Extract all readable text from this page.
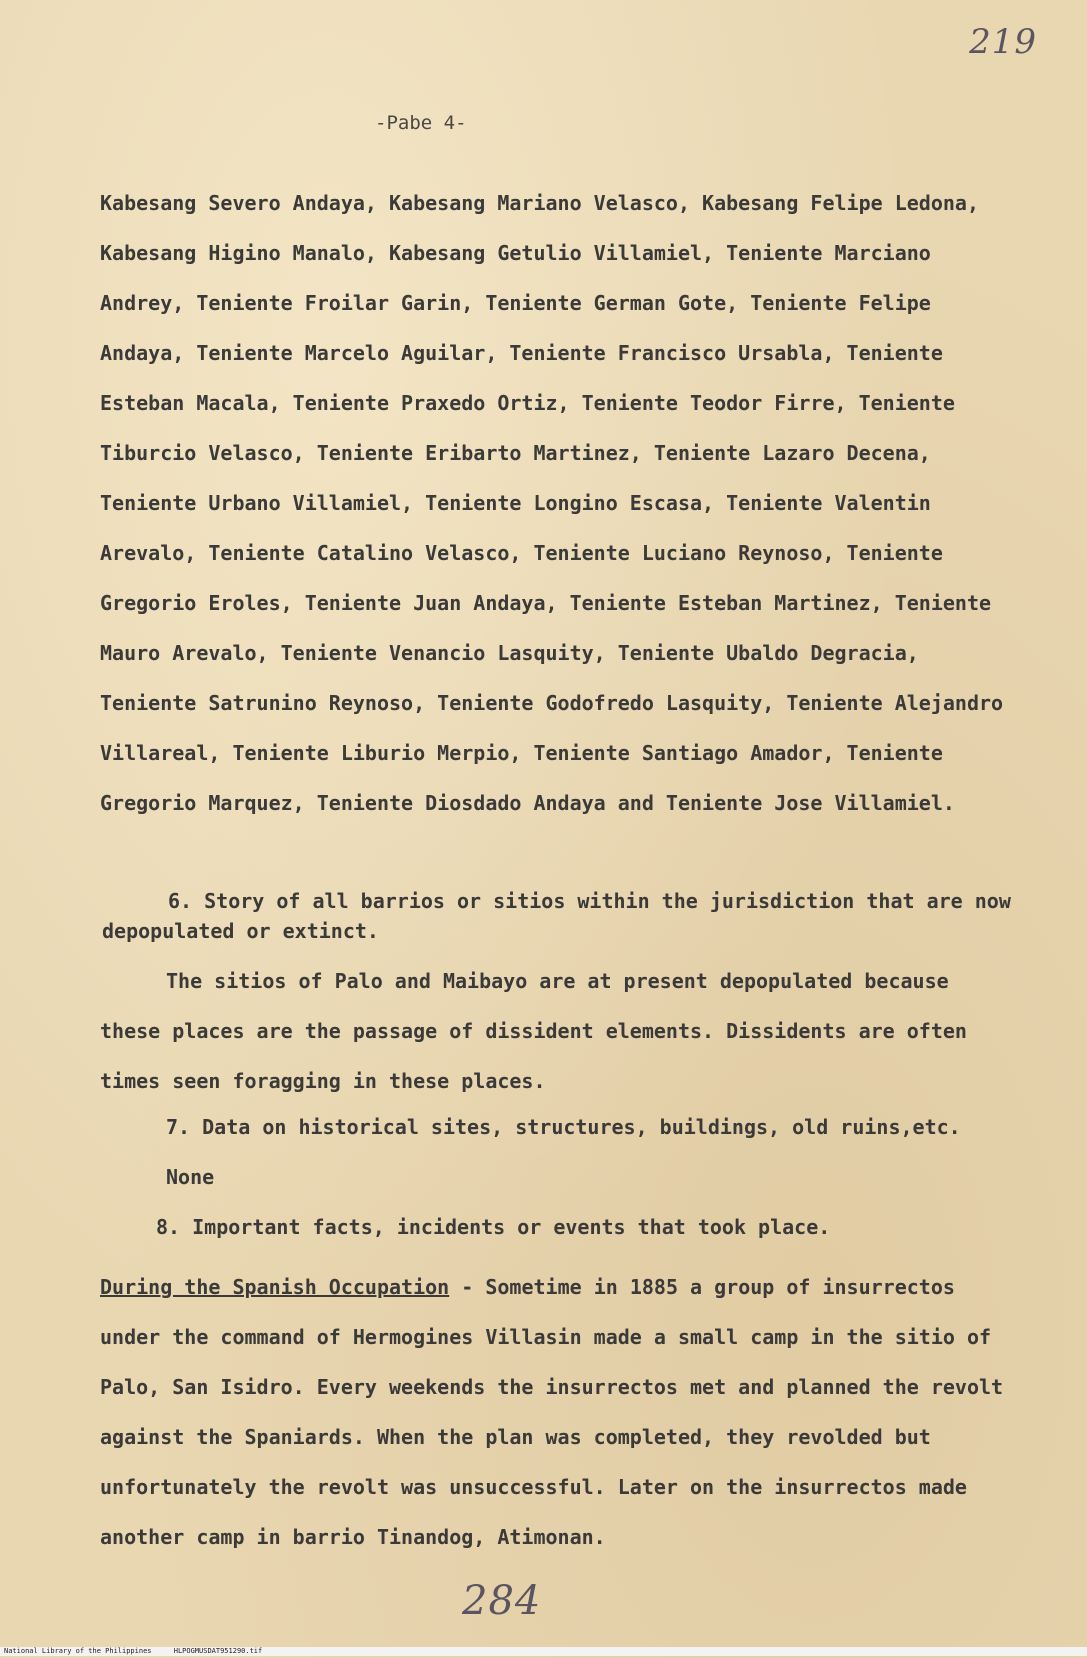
219
-Pabe 4-

Kabesang Severo Andaya, Kabesang Mariano Velasco, Kabesang Felipe Ledona, Kabesang Higino Manalo, Kabesang Getulio Villamiel, Teniente Marciano Andrey, Teniente Froilar Garin, Teniente German Gote, Teniente Felipe Andaya, Teniente Marcelo Aguilar, Teniente Francisco Ursabla, Teniente Esteban Macala, Teniente Praxedo Ortiz, Teniente Teodor Firre, Teniente Tiburcio Velasco, Teniente Eribarto Martinez, Teniente Lazaro Decena, Teniente Urbano Villamiel, Teniente Longino Escasa, Teniente Valentin Arevalo, Teniente Catalino Velasco, Teniente Luciano Reynoso, Teniente Gregorio Eroles, Teniente Juan Andaya, Teniente Esteban Martinez, Teniente Mauro Arevalo, Teniente Venancio Lasquity, Teniente Ubaldo Degracia, Teniente Satrunino Reynoso, Teniente Godofredo Lasquity, Teniente Alejandro Villareal, Teniente Liburio Merpio, Teniente Santiago Amador, Teniente Gregorio Marquez, Teniente Diosdado Andaya and Teniente Jose Villamiel.

6. Story of all barrios or sitios within the jurisdiction that are now depopulated or extinct.

The sitios of Palo and Maibayo are at present depopulated because these places are the passage of dissident elements. Dissidents are often times seen foragging in these places.

7. Data on historical sites, structures, buildings, old ruins,etc.

None

8. Important facts, incidents or events that took place.

During the Spanish Occupation - Sometime in 1885 a group of insurrectos under the command of Hermogines Villasin made a small camp in the sitio of Palo, San Isidro. Every weekends the insurrectos met and planned the revolt against the Spaniards. When the plan was completed, they revolded but unfortunately the revolt was unsuccessful. Later on the insurrectos made another camp in barrio Tinandog, Atimonan.

284
National Library of the Philippines	HLPOGMUSDAT951290.tif
